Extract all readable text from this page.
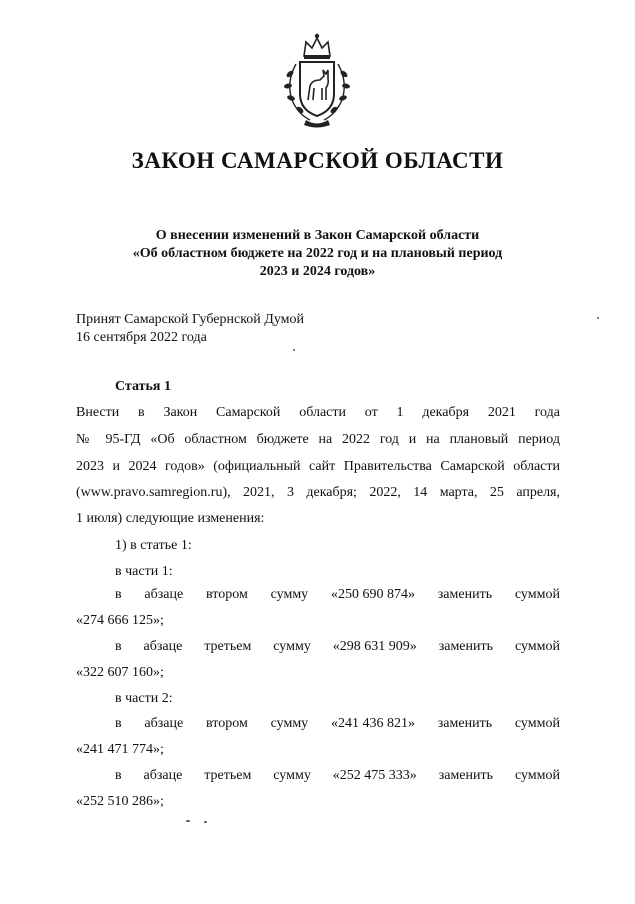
ЗАКОН САМАРСКОЙ ОБЛАСТИ
О внесении изменений в Закон Самарской области
«Об областном бюджете на 2022 год и на плановый период
2023 и 2024 годов»
Принят Самарской Губернской Думой
16 сентября 2022 года
Статья 1
Внести в Закон Самарской области от 1 декабря 2021 года
№ 95-ГД «Об областном бюджете на 2022 год и на плановый период
2023 и 2024 годов» (официальный сайт Правительства Самарской области
(www.pravo.samregion.ru), 2021, 3 декабря; 2022, 14 марта, 25 апреля,
1 июля) следующие изменения:
1) в статье 1:
в части 1:
в абзаце втором сумму «250 690 874» заменить суммой
«274 666 125»;
в абзаце третьем сумму «298 631 909» заменить суммой
«322 607 160»;
в части 2:
в абзаце втором сумму «241 436 821» заменить суммой
«241 471 774»;
в абзаце третьем сумму «252 475 333» заменить суммой
«252 510 286»;
